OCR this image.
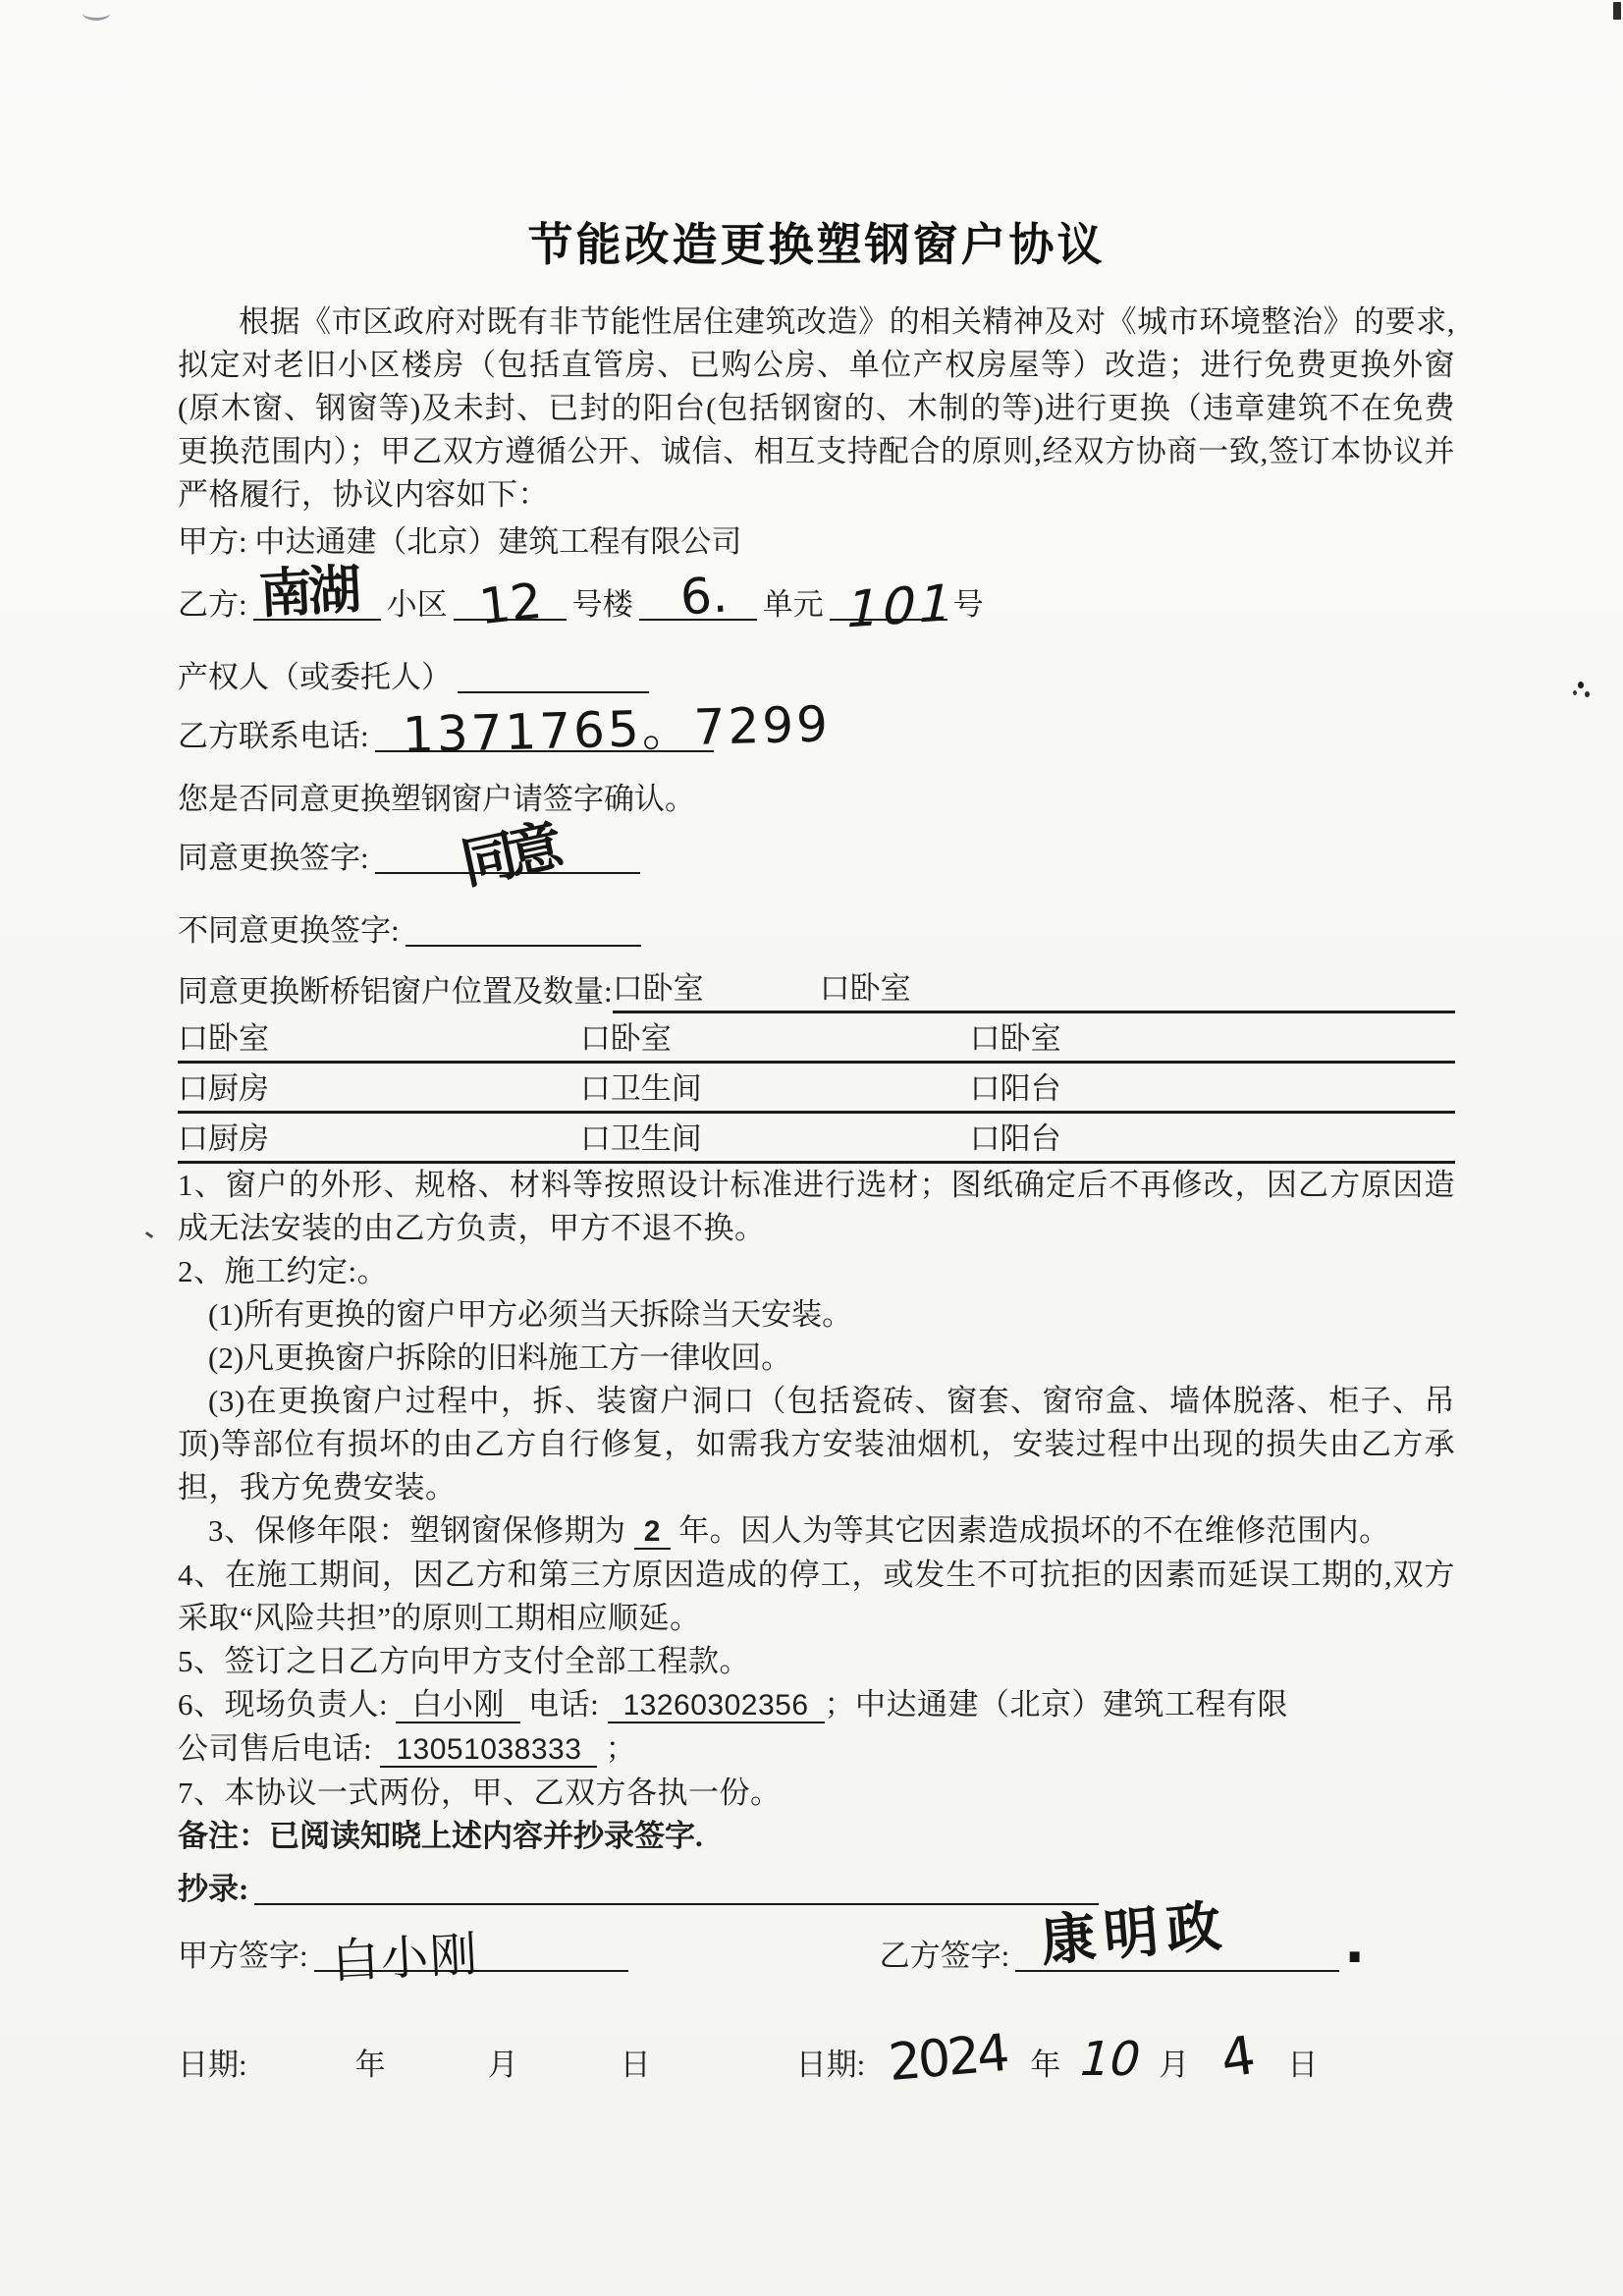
节能改造更换塑钢窗户协议

根据《市区政府对既有非节能性居住建筑改造》的相关精神及对《城市环境整治》的要求,拟定对老旧小区楼房（包括直管房、已购公房、单位产权房屋等）改造；进行免费更换外窗(原木窗、钢窗等)及未封、已封的阳台(包括钢窗的、木制的等)进行更换（违章建筑不在免费更换范围内）；甲乙双方遵循公开、诚信、相互支持配合的原则,经双方协商一致,签订本协议并严格履行，协议内容如下：

甲方: 中达通建（北京）建筑工程有限公司

乙方: 南湖 小区 12 号楼 6. 单元 101
号
产权人（或委托人）
乙方联系电话: 1371765。7299

您是否同意更换塑钢窗户请签字确认。

同意更换签字: 同意
不同意更换签字:
同意更换断桥铝窗户位置及数量: 口卧室	口卧室
口卧室	口卧室	口卧室
口厨房	口卫生间	口阳台
口厨房	口卫生间	口阳台

1、窗户的外形、规格、材料等按照设计标准进行选材；图纸确定后不再修改，因乙方原因造成无法安装的由乙方负责，甲方不退不换。

2、施工约定:。

(1)所有更换的窗户甲方必须当天拆除当天安装。

(2)凡更换窗户拆除的旧料施工方一律收回。

(3)在更换窗户过程中，拆、装窗户洞口（包括瓷砖、窗套、窗帘盒、墙体脱落、柜子、吊顶)等部位有损坏的由乙方自行修复，如需我方安装油烟机，安装过程中出现的损失由乙方承担，我方免费安装。

3、保修年限：塑钢窗保修期为 2 年。因人为等其它因素造成损坏的不在维修范围内。

4、在施工期间，因乙方和第三方原因造成的停工，或发生不可抗拒的因素而延误工期的,双方采取“风险共担”的原则工期相应顺延。

5、签订之日乙方向甲方支付全部工程款。

6、现场负责人: 白小刚 电话: 13260302356 ；中达通建（北京）建筑工程有限
公司售后电话: 13051038333 ；

7、本协议一式两份，甲、乙双方各执一份。

备注：已阅读知晓上述内容并抄录签字.

抄录:
甲方签字: 白小刚	乙方签字: 康明政 .
日期:	年	月	日	日期: 2024 年 10 月 4 日
